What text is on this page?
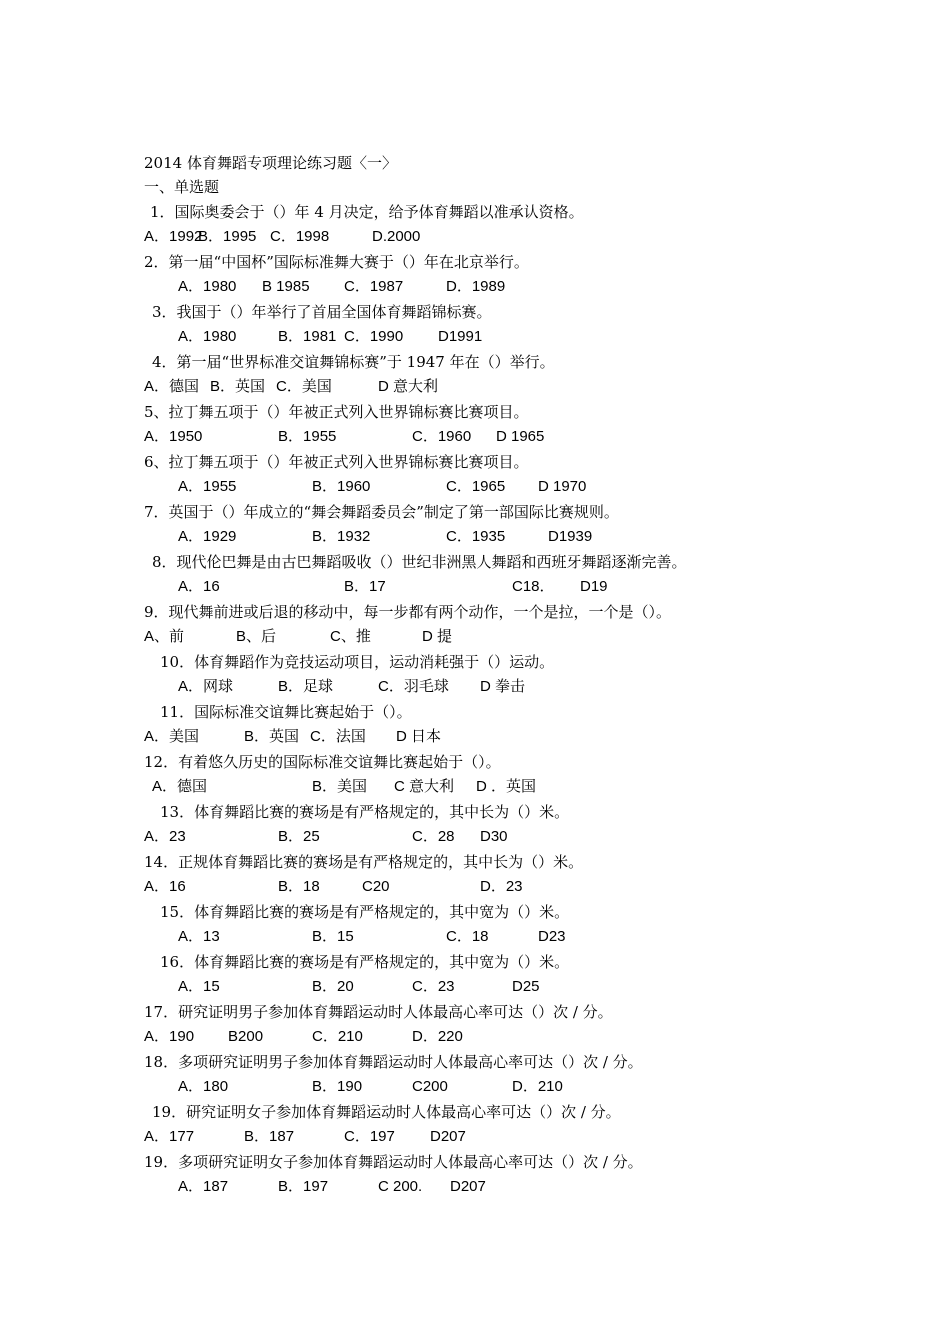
2014 体育舞蹈专项理论练习题〈一〉
一、单选题
1．国际奥委会于（）年 4 月决定，给予体育舞蹈以准承认资格。
A．1992
B．1995 C．1998	D.2000
2．第一届“中国杯”国际标准舞大赛于（）年在北京举行。
A．1980 B 1985 C．1987	D．1989
3．我国于（）年举行了首届全国体育舞蹈锦标赛。
A．1980	B．1981 C．1990 D1991
4．第一届“世界标准交谊舞锦标赛”于 1947 年在（）举行。
A．德国 B．英国 C．美国	D 意大利
5、拉丁舞五项于（）年被正式列入世界锦标赛比赛项目。
A．1950	B．1955	C．1960 D 1965
6、拉丁舞五项于（）年被正式列入世界锦标赛比赛项目。
A．1955	B．1960	C．1965 D 1970
7．英国于（）年成立的“舞会舞蹈委员会”制定了第一部国际比赛规则。
A．1929	B．1932	C．1935	D1939
8．现代伦巴舞是由古巴舞蹈吸收（）世纪非洲黑人舞蹈和西班牙舞蹈逐渐完善。
A．16	B．17	C18． D19
9．现代舞前进或后退的移动中，每一步都有两个动作，一个是拉，一个是（）。
A、前	B、后	C、推	D 提
10．体育舞蹈作为竞技运动项目，运动消耗强于（）运动。
A．网球	B．足球	C．羽毛球 D 拳击
11．国际标准交谊舞比赛起始于（）。
A．美国	B．英国 C．法国 D 日本
12．有着悠久历史的国际标准交谊舞比赛起始于（）。
A．德国	B．美国 C 意大利 D ．英国
13．体育舞蹈比赛的赛场是有严格规定的，其中长为（）米。
A．23	B．25	C．28 D30
14．正规体育舞蹈比赛的赛场是有严格规定的，其中长为（）米。
A．16	B．18	C20	D．23
15．体育舞蹈比赛的赛场是有严格规定的，其中宽为（）米。
A．13	B．15	C．18	D23
16．体育舞蹈比赛的赛场是有严格规定的，其中宽为（）米。
A．15	B．20	C．23	D25
17．研究证明男子参加体育舞蹈运动时人体最高心率可达（）次 / 分。
A．190 B200	C．210	D．220
18．多项研究证明男子参加体育舞蹈运动时人体最高心率可达（）次 / 分。
A．180	B．190	C200	D．210
19．研究证明女子参加体育舞蹈运动时人体最高心率可达（）次 / 分。
A．177	B．187	C．197 D207
19．多项研究证明女子参加体育舞蹈运动时人体最高心率可达（）次 / 分。
A．187	B．197	C 200. D207
